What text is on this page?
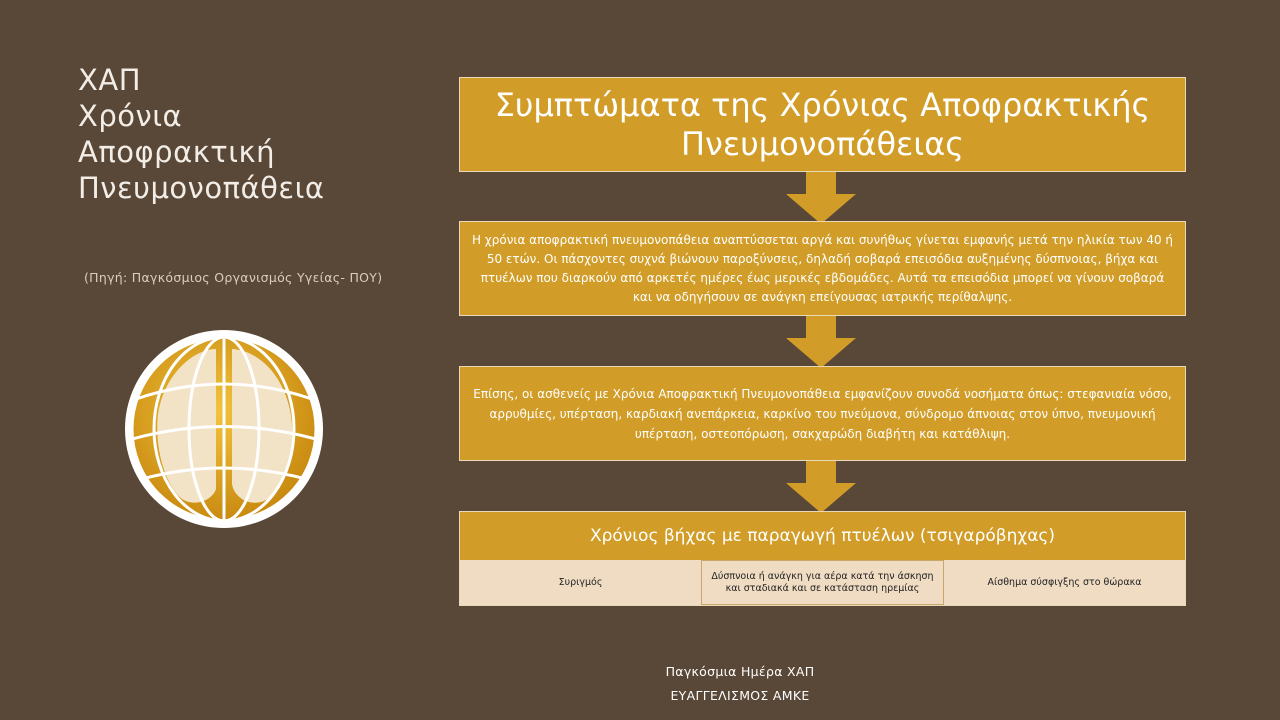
ΧΑΠ
Χρόνια
Αποφρακτική
Πνευμονοπάθεια
(Πηγή: Παγκόσμιος Οργανισμός Υγείας- ΠΟΥ)
Συμπτώματα της Χρόνιας Αποφρακτικής Πνευμονοπάθειας
Η χρόνια αποφρακτική πνευμονοπάθεια αναπτύσσεται αργά και συνήθως γίνεται εμφανής μετά την ηλικία των 40 ή 50 ετών. Οι πάσχοντες συχνά βιώνουν παροξύνσεις, δηλαδή σοβαρά επεισόδια αυξημένης δύσπνοιας, βήχα και πτυέλων που διαρκούν από αρκετές ημέρες έως μερικές εβδομάδες. Αυτά τα επεισόδια μπορεί να γίνουν σοβαρά και να οδηγήσουν σε ανάγκη επείγουσας ιατρικής περίθαλψης.
Επίσης, οι ασθενείς με Χρόνια Αποφρακτική Πνευμονοπάθεια εμφανίζουν συνοδά νοσήματα όπως: στεφανιαία νόσο, αρρυθμίες, υπέρταση, καρδιακή ανεπάρκεια, καρκίνο του πνεύμονα, σύνδρομο άπνοιας στον ύπνο, πνευμονική υπέρταση, οστεοπόρωση, σακχαρώδη διαβήτη και κατάθλιψη.
Χρόνιος βήχας με παραγωγή πτυέλων (τσιγαρόβηχας)
Συριγμός
Δύσπνοια ή ανάγκη για αέρα κατά την άσκηση και σταδιακά και σε κατάσταση ηρεμίας
Αίσθημα σύσφιγξης στο θώρακα
Παγκόσμια Ημέρα ΧΑΠ
ΕΥΑΓΓΕΛΙΣΜΟΣ ΑΜΚΕ
